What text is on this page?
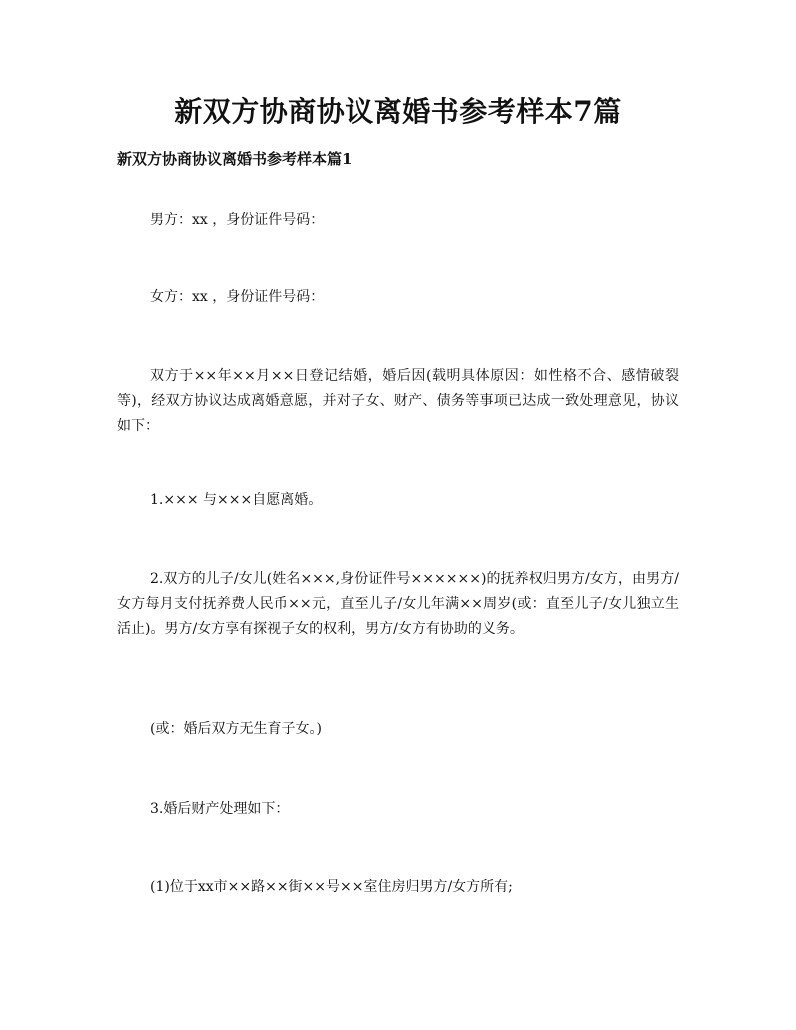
新双方协商协议离婚书参考样本7篇
新双方协商协议离婚书参考样本篇1

男方：xx ，身份证件号码：

女方：xx ，身份证件号码：

双方于××年××月××日登记结婚，婚后因(载明具体原因：如性格不合、感情破裂等)，经双方协议达成离婚意愿，并对子女、财产、债务等事项已达成一致处理意见，协议如下：

1.××× 与×××自愿离婚。

2.双方的儿子/女儿(姓名×××,身份证件号××××××)的抚养权归男方/女方，由男方/女方每月支付抚养费人民币××元，直至儿子/女儿年满××周岁(或：直至儿子/女儿独立生活止)。男方/女方享有探视子女的权利，男方/女方有协助的义务。

(或：婚后双方无生育子女。)

3.婚后财产处理如下：

(1)位于xx市××路××街××号××室住房归男方/女方所有;
